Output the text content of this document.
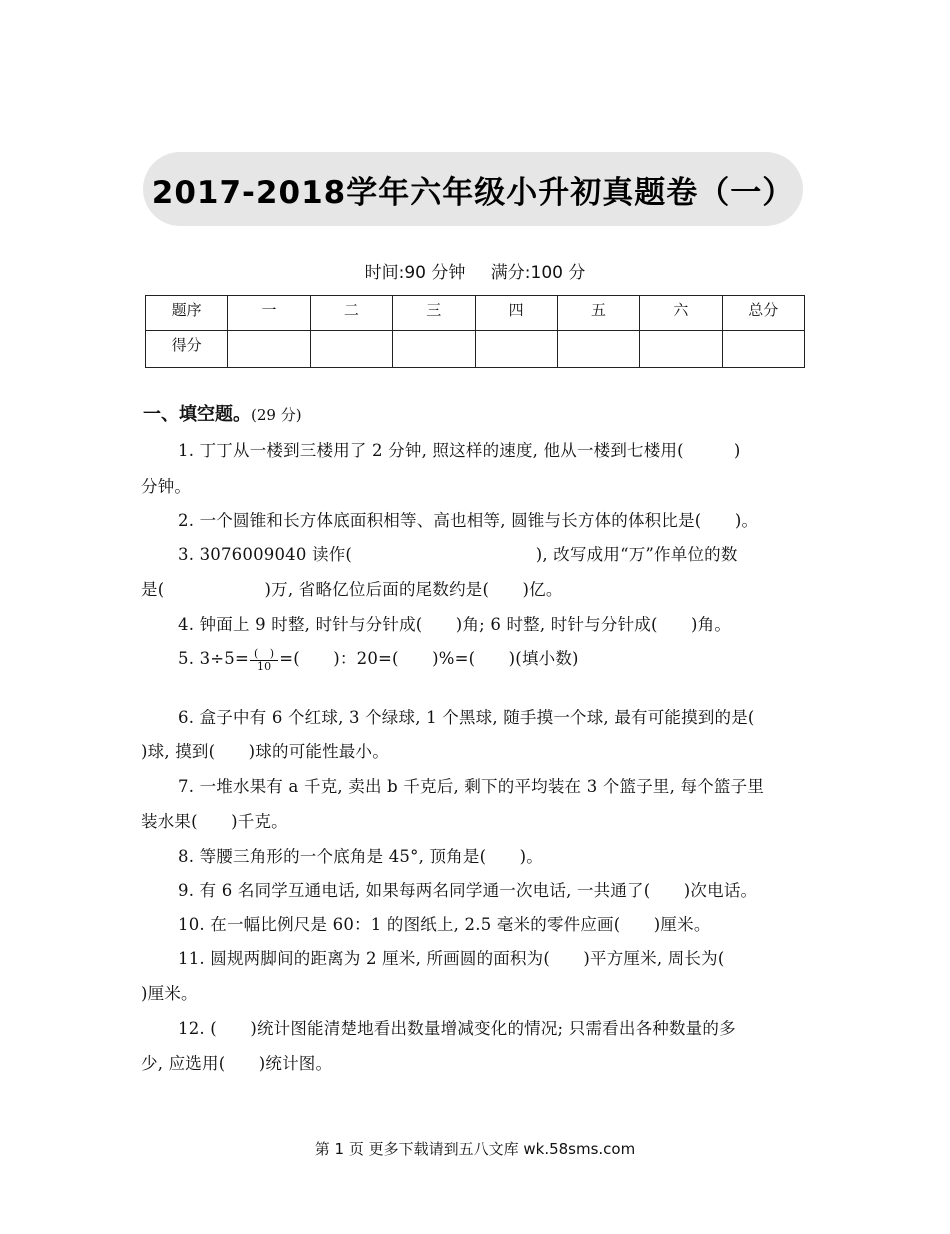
2017-2018学年六年级小升初真题卷（一）
时间:90 分钟 满分:100 分
题序	一	二	三	四	五	六	总分
得分							
一、填空题。(29 分)
1. 丁丁从一楼到三楼用了 2 分钟, 照这样的速度, 他从一楼到七楼用(　　　)
分钟。
2. 一个圆锥和长方体底面积相等、高也相等, 圆锥与长方体的体积比是(　　)。
3. 3076009040 读作(　　　　　　　　　　　), 改写成用“万”作单位的数
是(　　　　　　)万, 省略亿位后面的尾数约是(　　)亿。
4. 钟面上 9 时整, 时针与分针成(　　)角; 6 时整, 时针与分针成(　　)角。
5. $3\div 5= \frac{( )}{10}$ =(　　)：20=(　　)%=(　　)(填小数)
6. 盒子中有 6 个红球, 3 个绿球, 1 个黑球, 随手摸一个球, 最有可能摸到的是(
)球, 摸到(　　)球的可能性最小。
7. 一堆水果有 a 千克, 卖出 b 千克后, 剩下的平均装在 3 个篮子里, 每个篮子里
装水果(　　)千克。
8. 等腰三角形的一个底角是 45°, 顶角是(　　)。
9. 有 6 名同学互通电话, 如果每两名同学通一次电话, 一共通了(　　)次电话。
10. 在一幅比例尺是 60：1 的图纸上, 2.5 毫米的零件应画(　　)厘米。
11. 圆规两脚间的距离为 2 厘米, 所画圆的面积为(　　)平方厘米, 周长为(
)厘米。
12. (　　)统计图能清楚地看出数量增减变化的情况; 只需看出各种数量的多
少, 应选用(　　)统计图。
第 1 页 更多下载请到五八文库 wk.58sms.com
